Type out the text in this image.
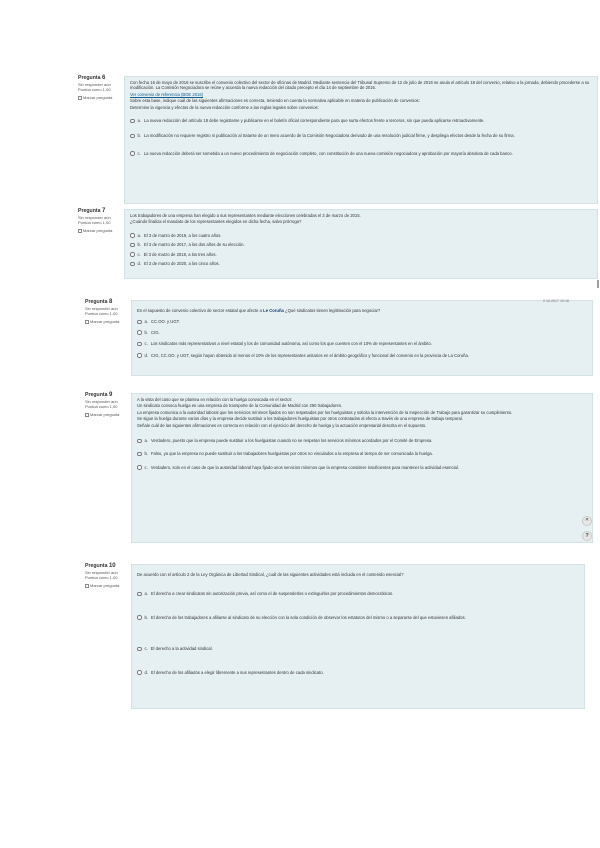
Pregunta 6
Sin responder aún
Puntúa como 1,00
Marcar pregunta

Con fecha 16 de mayo de 2016 se suscribe el convenio colectivo del sector de oficinas de Madrid. Mediante sentencia del Tribunal Supremo de 12 de julio de 2016 se anula el artículo 18 del convenio, relativo a la jornada, debiendo procederse a su modificación. La Comisión Negociadora se reúne y acuerda la nueva redacción del citado precepto el día 14 de septiembre de 2016.

Ver convenio de referencia (BOE 2016)

Sobre esta base, indique cuál de las siguientes afirmaciones es correcta, teniendo en cuenta la normativa aplicable en materia de publicación de convenios:

Determine la vigencia y efectos de la nueva redacción conforme a las reglas legales sobre convenios:

a. La nueva redacción del artículo 18 debe registrarse y publicarse en el boletín oficial correspondiente para que surta efectos frente a terceros, sin que pueda aplicarse retroactivamente.
b. La modificación no requiere registro ni publicación al tratarse de un mero acuerdo de la Comisión Negociadora derivado de una resolución judicial firme, y despliega efectos desde la fecha de su firma.
c. La nueva redacción deberá ser sometida a un nuevo procedimiento de negociación completo, con constitución de una nueva comisión negociadora y aprobación por mayoría absoluta de cada banco.
Pregunta 7
Sin responder aún
Puntúa como 1,00
Marcar pregunta

Los trabajadores de una empresa han elegido a sus representantes mediante elecciones celebradas el 3 de marzo de 2015.

¿Cuándo finaliza el mandato de los representantes elegidos en dicha fecha, salvo prórroga?

a. El 3 de marzo de 2019, a los cuatro años.
b. El 3 de marzo de 2017, a los dos años de su elección.
c. El 3 de marzo de 2018, a los tres años.
d. El 3 de marzo de 2020, a los cinco años.
Pregunta 8
Sin responder aún
Puntúa como 1,00
Marcar pregunta

En el supuesto de convenio colectivo de sector estatal que afecte a Le Coruña ¿Qué sindicatos tienen legitimación para negociar?

a. CC.OO. y UGT.
b. CIG.
c. Los sindicatos más representativos a nivel estatal y los de comunidad autónoma, así como los que cuenten con el 10% de representantes en el ámbito.
d. CIG, CC.OO. y UGT, según hayan obtenido al menos el 10% de los representantes unitarios en el ámbito geográfico y funcional del convenio en la provincia de La Coruña.
2.10.2017 10:16
Pregunta 9
Sin responder aún
Puntúa como 1,00
Marcar pregunta

A la vista del caso que se plantea en relación con la huelga convocada en el sector:

Un sindicato convoca huelga en una empresa de transporte de la Comunidad de Madrid con 250 trabajadores.

La empresa comunica a la autoridad laboral que los servicios mínimos fijados no son respetados por los huelguistas y solicita la intervención de la Inspección de Trabajo para garantizar su cumplimiento.

Se sigue la huelga durante varios días y la empresa decide sustituir a los trabajadores huelguistas por otros contratados al efecto a través de una empresa de trabajo temporal.

Señale cuál de las siguientes afirmaciones es correcta en relación con el ejercicio del derecho de huelga y la actuación empresarial descrita en el supuesto.

a. Verdadero, puesto que la empresa puede sustituir a los huelguistas cuando no se respetan los servicios mínimos acordados por el Comité de Empresa.
b. Falso, ya que la empresa no puede sustituir a los trabajadores huelguistas por otros no vinculados a la empresa al tiempo de ser comunicada la huelga.
c. Verdadero, solo en el caso de que la autoridad laboral haya fijado unos servicios mínimos que la empresa considere insuficientes para mantener la actividad esencial.
^
?
Pregunta 10
Sin responder aún
Puntúa como 1,00
Marcar pregunta

De acuerdo con el artículo 2 de la Ley Orgánica de Libertad Sindical, ¿cuál de las siguientes actividades está incluida en el contenido esencial?

a. El derecho a crear sindicatos sin autorización previa, así como el de suspenderlos o extinguirlos por procedimientos democráticos.
b. El derecho de los trabajadores a afiliarse al sindicato de su elección con la sola condición de observar los estatutos del mismo o a separarse del que estuviesen afiliados.
c. El derecho a la actividad sindical.
d. El derecho de los afiliados a elegir libremente a sus representantes dentro de cada sindicato.
